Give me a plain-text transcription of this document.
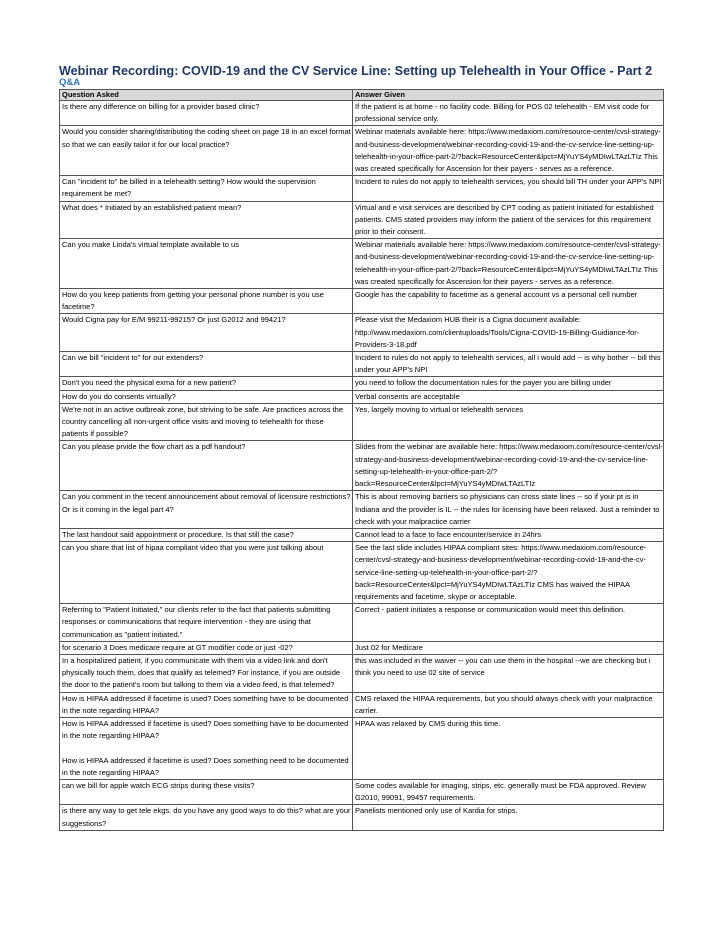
Webinar Recording: COVID-19 and the CV Service Line: Setting up Telehealth in Your Office - Part 2
Q&A
Question Asked	Answer Given
Is there any difference on billing for a provider based clinic?	If the patient is at home - no facility code. Billing for POS 02 telehealth - EM visit code for professional service only.
Would you consider sharing/distributing the coding sheet on page 18 in an excel format so that we can easily tailor it for our local practice?	Webinar materials available here: https://www.medaxiom.com/resource-center/cvsl-strategy-and-business-development/webinar-recording-covid-19-and-the-cv-service-line-setting-up-telehealth-in-your-office-part-2/?back=ResourceCenter&lpct=MjYuYS4yMDIwLTAzLTIz This was created specifically for Ascension for their payers - serves as a reference.
Can "incident to" be billed in a telehealth setting? How would the supervision requirement be met?	Incident to rules do not apply to telehealth services, you should bill TH under your APP's NPI
What does * Initiated by an established patient mean?	Virtual and e visit services are described by CPT coding as patient initiated for established patients. CMS stated providers may inform the patient of the services for this requirement prior to their consent.
Can you make Linda's virtual template available to us	Webinar materials available here: https://www.medaxiom.com/resource-center/cvsl-strategy-and-business-development/webinar-recording-covid-19-and-the-cv-service-line-setting-up-telehealth-in-your-office-part-2/?back=ResourceCenter&lpct=MjYuYS4yMDIwLTAzLTIz This was created specifically for Ascension for their payers - serves as a reference.
How do you keep patients from getting your personal phone number is you use facetime?	Google has the capability to facetime as a general account vs a personal cell number
Would Cigna pay for E/M 99211-99215? Or just G2012 and 99421?	Please visit the Medaxiom HUB their is a Cigna document available: http://www.medaxiom.com/clientuploads/Tools/Cigna-COVID-19-Billing-Guidiance-for-Providers-3-18.pdf
Can we bill "incident to" for our extenders?	Incident to rules do not apply to telehealth services, all i would add -- is why bother -- bill this under your APP's NPI
Don't you need the physical exma for a new patient?	you need to follow the documentation rules for the payer you are billing under
How do you do consents virtually?	Verbal consents are acceptable
We're not in an active outbreak zone, but striving to be safe. Are practices across the country cancelling all non-urgent office visits and moving to telehealth for those patients if possible?	Yes, largely moving to virtual or telehealth services
Can you please prvide the flow chart as a pdf handout?	Slides from the webinar are available here: https://www.medaxiom.com/resource-center/cvsl-strategy-and-business-development/webinar-recording-covid-19-and-the-cv-service-line-setting-up-telehealth-in-your-office-part-2/?back=ResourceCenter&lpct=MjYuYS4yMDIwLTAzLTIz
Can you comment in the recent announcement about removal of licensure restrictions? Or is it coming in the legal part 4?	This is about removing barriers so physicians can cross state lines -- so if your pt is in Indiana and the provider is IL -- the rules for licensing have been relaxed. Just a reminder to check with your malpractice carrier
The last handout said appointment or procedure. Is that still the case?	Cannot lead to a face to face encounter/service in 24hrs
can you share that list of hipaa compliant video that you were just talking about	See the last slide includes HIPAA compliant sites: https://www.medaxiom.com/resource-center/cvsl-strategy-and-business-development/webinar-recording-covid-19-and-the-cv-service-line-setting-up-telehealth-in-your-office-part-2/?back=ResourceCenter&lpct=MjYuYS4yMDIwLTAzLTIz CMS has waived the HIPAA requirements and facetime, skype or acceptable.
Referring to "Patient Initiated," our clients refer to the fact that patients submitting responses or communications that require intervention - they are using that communication as "patient initiated."	Correct - patient initiates a response or communication would meet this definition.
for scenario 3 Does medicare require at GT modifier code or just -02?	Just 02 for Medicare
In a hospitalized patient, if you communicate with them via a video link and don't physically touch them, does that qualify as telemed? For instance, if you are outside the door to the patient's room but talking to them via a video feed, is that telemed?	this was included in the waiver -- you can use them in the hospital --we are checking but i think you need to use 02 site of service
How is HIPAA addressed if facetime is used? Does something have to be documented in the note regarding HIPAA?	CMS relaxed the HIPAA requirements, but you should always check with your malpractice carrier.
How is HIPAA addressed if facetime is used? Does something have to be documented in the note regarding HIPAA?

How is HIPAA addressed if facetime is used? Does something need to be documented in the note regarding HIPAA?	HPAA was relaxed by CMS during this time.
can we bill for apple watch ECG strips during these visits?	Some codes available for imaging, strips, etc. generally must be FDA approved. Review G2010, 99091, 99457 requirements.
is there any way to get tele ekgs. do you have any good ways to do this? what are your suggestions?	Panelists mentioned only use of Kardia for strips.
